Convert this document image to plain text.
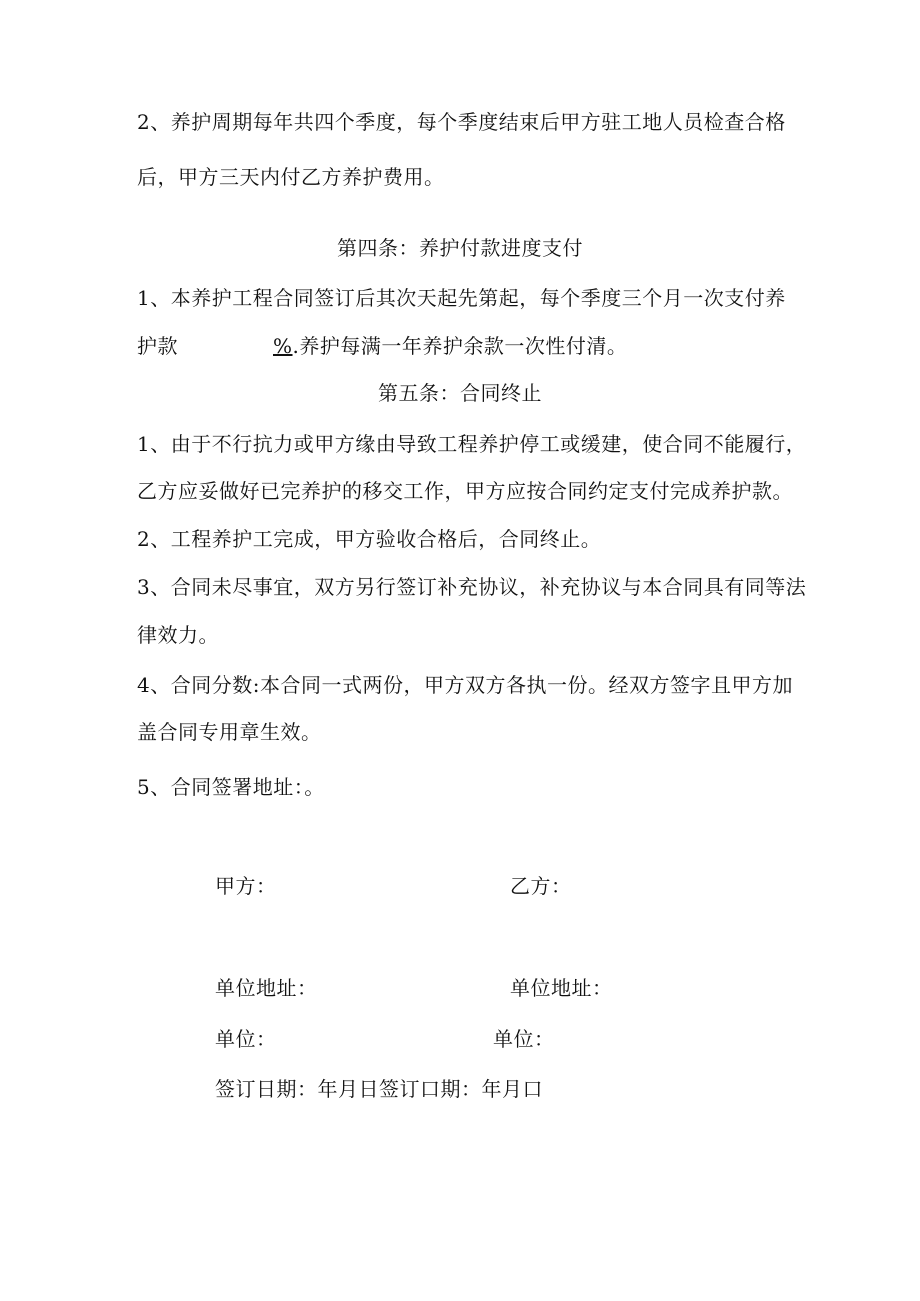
2、养护周期每年共四个季度，每个季度结束后甲方驻工地人员检查合格
后，甲方三天内付乙方养护费用。
第四条：养护付款进度支付
1、本养护工程合同签订后其次天起先第起，每个季度三个月一次支付养
护款	%.养护每满一年养护余款一次性付清。
第五条：合同终止
1、由于不行抗力或甲方缘由导致工程养护停工或缓建，使合同不能履行，
乙方应妥做好已完养护的移交工作，甲方应按合同约定支付完成养护款。
2、工程养护工完成，甲方验收合格后，合同终止。
3、合同未尽事宜，双方另行签订补充协议，补充协议与本合同具有同等法
律效力。
4、合同分数:本合同一式两份，甲方双方各执一份。经双方签字且甲方加
盖合同专用章生效。
5、合同签署地址：。
甲方：	乙方：
单位地址：	单位地址：
单位：	单位：
签订日期：年月日签订口期：年月口
